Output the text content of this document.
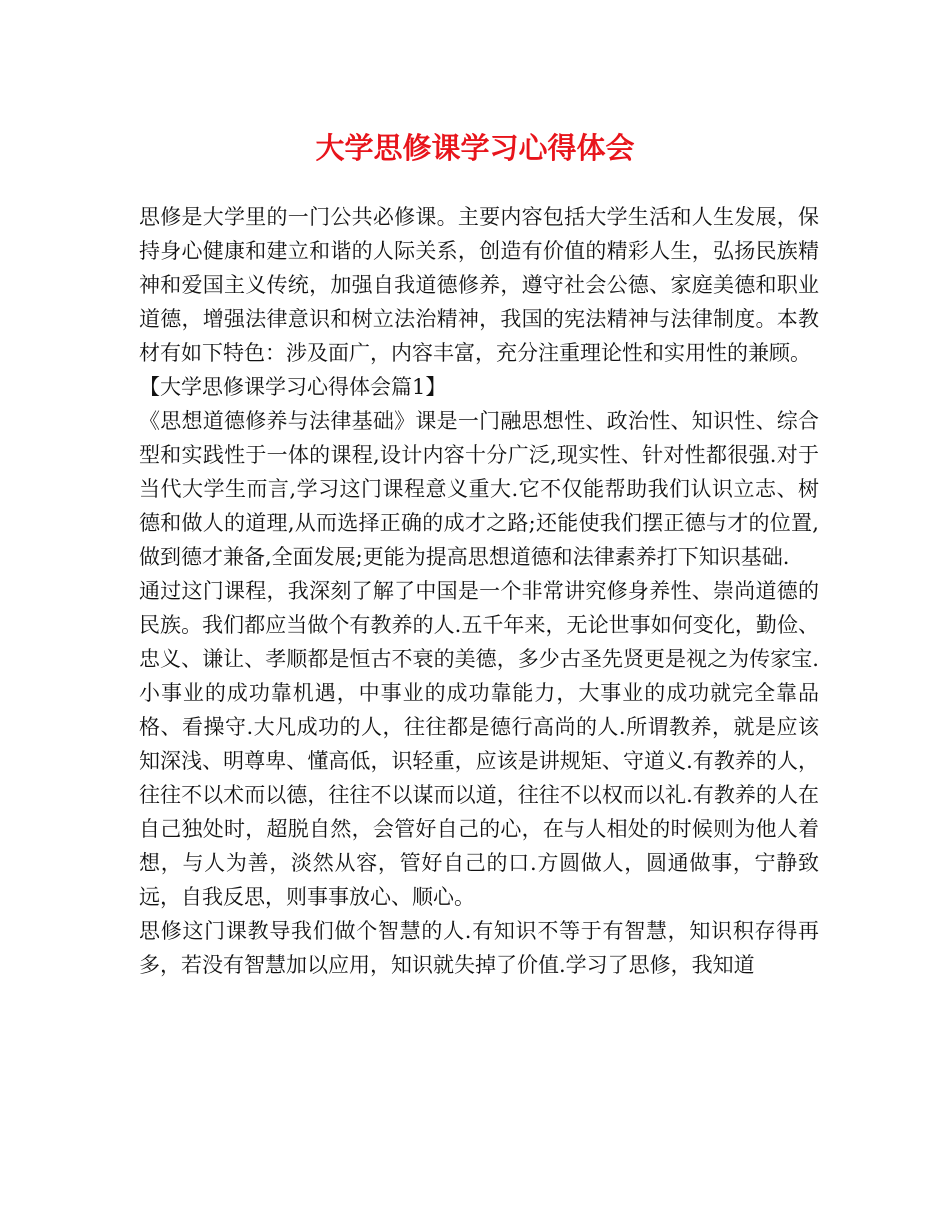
大学思修课学习心得体会

思修是大学里的一门公共必修课。主要内容包括大学生活和人生发展，保持身心健康和建立和谐的人际关系，创造有价值的精彩人生，弘扬民族精神和爱国主义传统，加强自我道德修养，遵守社会公德、家庭美德和职业道德，增强法律意识和树立法治精神，我国的宪法精神与法律制度。本教材有如下特色：涉及面广，内容丰富，充分注重理论性和实用性的兼顾。

【大学思修课学习心得体会篇1】

《思想道德修养与法律基础》课是一门融思想性、政治性、知识性、综合型和实践性于一体的课程,设计内容十分广泛,现实性、针对性都很强.对于当代大学生而言,学习这门课程意义重大.它不仅能帮助我们认识立志、树德和做人的道理,从而选择正确的成才之路;还能使我们摆正德与才的位置,做到德才兼备,全面发展;更能为提高思想道德和法律素养打下知识基础.

通过这门课程，我深刻了解了中国是一个非常讲究修身养性、崇尚道德的民族。我们都应当做个有教养的人.五千年来，无论世事如何变化，勤俭、忠义、谦让、孝顺都是恒古不衰的美德，多少古圣先贤更是视之为传家宝.小事业的成功靠机遇，中事业的成功靠能力，大事业的成功就完全靠品格、看操守.大凡成功的人，往往都是德行高尚的人.所谓教养，就是应该知深浅、明尊卑、懂高低，识轻重，应该是讲规矩、守道义.有教养的人，往往不以术而以德，往往不以谋而以道，往往不以权而以礼.有教养的人在自己独处时，超脱自然，会管好自己的心，在与人相处的时候则为他人着想，与人为善，淡然从容，管好自己的口.方圆做人，圆通做事，宁静致远，自我反思，则事事放心、顺心。

思修这门课教导我们做个智慧的人.有知识不等于有智慧，知识积存得再多，若没有智慧加以应用，知识就失掉了价值.学习了思修，我知道
